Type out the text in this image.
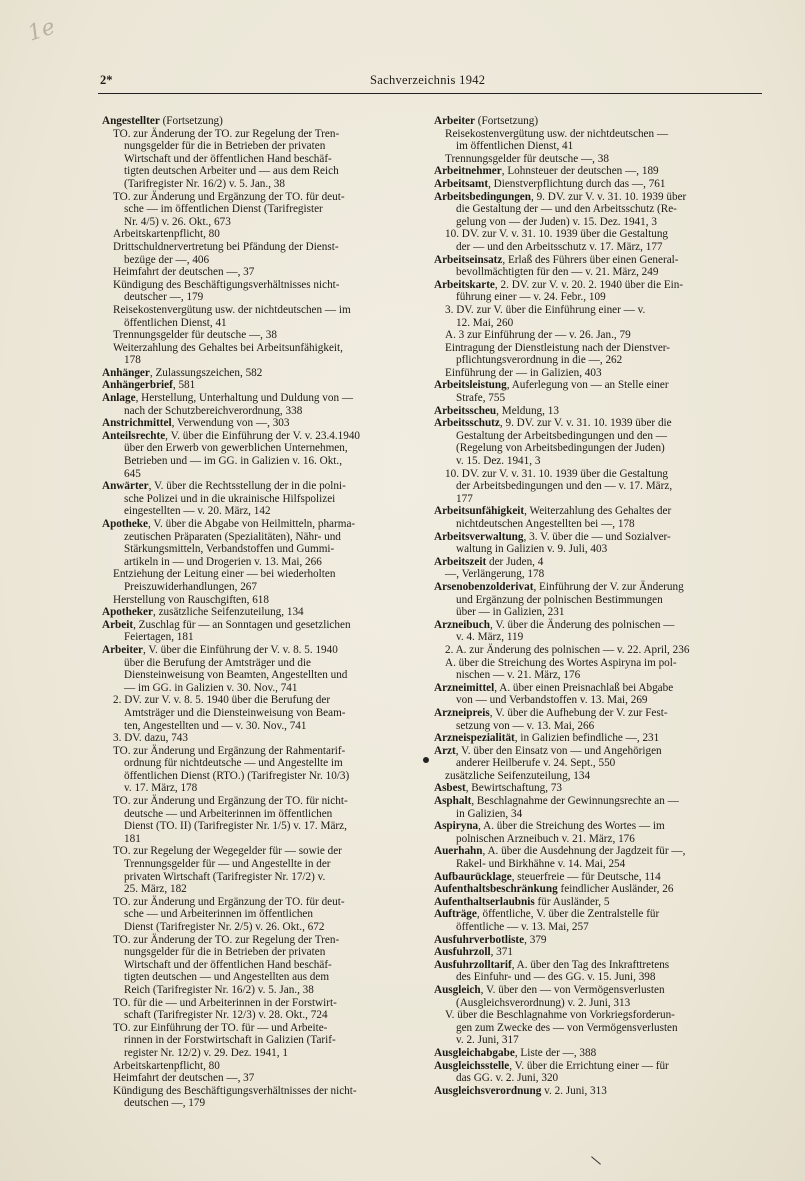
1e
2*	Sachverzeichnis 1942
Angestellter (Fortsetzung)
TO. zur Änderung der TO. zur Regelung der Tren-
nungsgelder für die in Betrieben der privaten
Wirtschaft und der öffentlichen Hand beschäf-
tigten deutschen Arbeiter und — aus dem Reich
(Tarifregister Nr. 16/2) v. 5. Jan., 38
TO. zur Änderung und Ergänzung der TO. für deut-
sche — im öffentlichen Dienst (Tarifregister
Nr. 4/5) v. 26. Okt., 673
Arbeitskartenpflicht, 80
Drittschuldnervertretung bei Pfändung der Dienst-
bezüge der —, 406
Heimfahrt der deutschen —, 37
Kündigung des Beschäftigungsverhältnisses nicht-
deutscher —, 179
Reisekostenvergütung usw. der nichtdeutschen — im
öffentlichen Dienst, 41
Trennungsgelder für deutsche —, 38
Weiterzahlung des Gehaltes bei Arbeitsunfähigkeit,
178
Anhänger, Zulassungszeichen, 582
Anhängerbrief, 581
Anlage, Herstellung, Unterhaltung und Duldung von —
nach der Schutzbereichverordnung, 338
Anstrichmittel, Verwendung von —, 303
Anteilsrechte, V. über die Einführung der V. v. 23.4.1940
über den Erwerb von gewerblichen Unternehmen,
Betrieben und — im GG. in Galizien v. 16. Okt.,
645
Anwärter, V. über die Rechtsstellung der in die polni-
sche Polizei und in die ukrainische Hilfspolizei
eingestellten — v. 20. März, 142
Apotheke, V. über die Abgabe von Heilmitteln, pharma-
zeutischen Präparaten (Spezialitäten), Nähr- und
Stärkungsmitteln, Verbandstoffen und Gummi-
artikeln in — und Drogerien v. 13. Mai, 266
Entziehung der Leitung einer — bei wiederholten
Preiszuwiderhandlungen, 267
Herstellung von Rauschgiften, 618
Apotheker, zusätzliche Seifenzuteilung, 134
Arbeit, Zuschlag für — an Sonntagen und gesetzlichen
Feiertagen, 181
Arbeiter, V. über die Einführung der V. v. 8. 5. 1940
über die Berufung der Amtsträger und die
Diensteinweisung von Beamten, Angestellten und
— im GG. in Galizien v. 30. Nov., 741
2. DV. zur V. v. 8. 5. 1940 über die Berufung der
Amtsträger und die Diensteinweisung von Beam-
ten, Angestellten und — v. 30. Nov., 741
3. DV. dazu, 743
TO. zur Änderung und Ergänzung der Rahmentarif-
ordnung für nichtdeutsche — und Angestellte im
öffentlichen Dienst (RTO.) (Tarifregister Nr. 10/3)
v. 17. März, 178
TO. zur Änderung und Ergänzung der TO. für nicht-
deutsche — und Arbeiterinnen im öffentlichen
Dienst (TO. II) (Tarifregister Nr. 1/5) v. 17. März,
181
TO. zur Regelung der Wegegelder für — sowie der
Trennungsgelder für — und Angestellte in der
privaten Wirtschaft (Tarifregister Nr. 17/2) v.
25. März, 182
TO. zur Änderung und Ergänzung der TO. für deut-
sche — und Arbeiterinnen im öffentlichen
Dienst (Tarifregister Nr. 2/5) v. 26. Okt., 672
TO. zur Änderung der TO. zur Regelung der Tren-
nungsgelder für die in Betrieben der privaten
Wirtschaft und der öffentlichen Hand beschäf-
tigten deutschen — und Angestellten aus dem
Reich (Tarifregister Nr. 16/2) v. 5. Jan., 38
TO. für die — und Arbeiterinnen in der Forstwirt-
schaft (Tarifregister Nr. 12/3) v. 28. Okt., 724
TO. zur Einführung der TO. für — und Arbeite-
rinnen in der Forstwirtschaft in Galizien (Tarif-
register Nr. 12/2) v. 29. Dez. 1941, 1
Arbeitskartenpflicht, 80
Heimfahrt der deutschen —, 37
Kündigung des Beschäftigungsverhältnisses der nicht-
deutschen —, 179
Arbeiter (Fortsetzung)
Reisekostenvergütung usw. der nichtdeutschen —
im öffentlichen Dienst, 41
Trennungsgelder für deutsche —, 38
Arbeitnehmer, Lohnsteuer der deutschen —, 189
Arbeitsamt, Dienstverpflichtung durch das —, 761
Arbeitsbedingungen, 9. DV. zur V. v. 31. 10. 1939 über
die Gestaltung der — und den Arbeitsschutz (Re-
gelung von — der Juden) v. 15. Dez. 1941, 3
10. DV. zur V. v. 31. 10. 1939 über die Gestaltung
der — und den Arbeitsschutz v. 17. März, 177
Arbeitseinsatz, Erlaß des Führers über einen General-
bevollmächtigten für den — v. 21. März, 249
Arbeitskarte, 2. DV. zur V. v. 20. 2. 1940 über die Ein-
führung einer — v. 24. Febr., 109
3. DV. zur V. über die Einführung einer — v.
12. Mai, 260
A. 3 zur Einführung der — v. 26. Jan., 79
Eintragung der Dienstleistung nach der Dienstver-
pflichtungsverordnung in die —, 262
Einführung der — in Galizien, 403
Arbeitsleistung, Auferlegung von — an Stelle einer
Strafe, 755
Arbeitsscheu, Meldung, 13
Arbeitsschutz, 9. DV. zur V. v. 31. 10. 1939 über die
Gestaltung der Arbeitsbedingungen und den —
(Regelung von Arbeitsbedingungen der Juden)
v. 15. Dez. 1941, 3
10. DV. zur V. v. 31. 10. 1939 über die Gestaltung
der Arbeitsbedingungen und den — v. 17. März,
177
Arbeitsunfähigkeit, Weiterzahlung des Gehaltes der
nichtdeutschen Angestellten bei —, 178
Arbeitsverwaltung, 3. V. über die — und Sozialver-
waltung in Galizien v. 9. Juli, 403
Arbeitszeit der Juden, 4
—, Verlängerung, 178
Arsenobenzolderivat, Einführung der V. zur Änderung
und Ergänzung der polnischen Bestimmungen
über — in Galizien, 231
Arzneibuch, V. über die Änderung des polnischen —
v. 4. März, 119
2. A. zur Änderung des polnischen — v. 22. April, 236
A. über die Streichung des Wortes Aspiryna im pol-
nischen — v. 21. März, 176
Arzneimittel, A. über einen Preisnachlaß bei Abgabe
von — und Verbandstoffen v. 13. Mai, 269
Arzneipreis, V. über die Aufhebung der V. zur Fest-
setzung von — v. 13. Mai, 266
Arzneispezialität, in Galizien befindliche —, 231
Arzt, V. über den Einsatz von — und Angehörigen
anderer Heilberufe v. 24. Sept., 550
zusätzliche Seifenzuteilung, 134
Asbest, Bewirtschaftung, 73
Asphalt, Beschlagnahme der Gewinnungsrechte an —
in Galizien, 34
Aspiryna, A. über die Streichung des Wortes — im
polnischen Arzneibuch v. 21. März, 176
Auerhahn, A. über die Ausdehnung der Jagdzeit für —,
Rakel- und Birkhähne v. 14. Mai, 254
Aufbaurücklage, steuerfreie — für Deutsche, 114
Aufenthaltsbeschränkung feindlicher Ausländer, 26
Aufenthaltserlaubnis für Ausländer, 5
Aufträge, öffentliche, V. über die Zentralstelle für
öffentliche — v. 13. Mai, 257
Ausfuhrverbotliste, 379
Ausfuhrzoll, 371
Ausfuhrzolltarif, A. über den Tag des Inkrafttretens
des Einfuhr- und — des GG. v. 15. Juni, 398
Ausgleich, V. über den — von Vermögensverlusten
(Ausgleichsverordnung) v. 2. Juni, 313
V. über die Beschlagnahme von Vorkriegsforderun-
gen zum Zwecke des — von Vermögensverlusten
v. 2. Juni, 317
Ausgleichabgabe, Liste der —, 388
Ausgleichsstelle, V. über die Errichtung einer — für
das GG. v. 2. Juni, 320
Ausgleichsverordnung v. 2. Juni, 313
